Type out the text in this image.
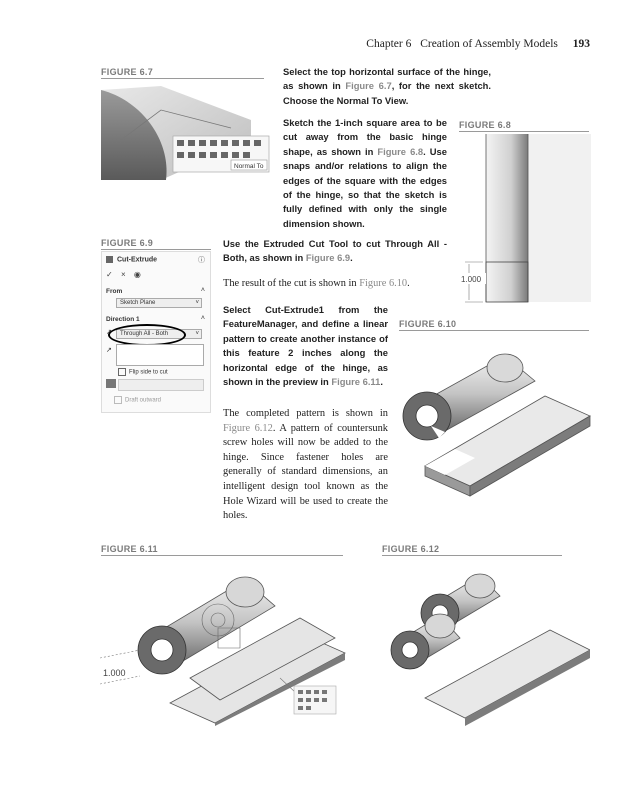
Chapter 6 Creation of Assembly Models 193
FIGURE 6.7
Normal To
Select the top horizontal surface of the hinge, as shown in Figure 6.7, for the next sketch. Choose the Normal To View.
Sketch the 1-inch square area to be cut away from the basic hinge shape, as shown in Figure 6.8. Use snaps and/or relations to align the edges of the square with the edges of the hinge, so that the sketch is fully defined with only the single dimension shown.
FIGURE 6.8
1.000
FIGURE 6.9
Cut-Extrude	ⓘ
✓ × ◉
From	˄
Sketch Plane	˅
Direction 1	˄
↗	Through All - Both	˅
↗
Flip side to cut
Draft outward
Use the Extruded Cut Tool to cut Through All - Both, as shown in Figure 6.9.
The result of the cut is shown in Figure 6.10.
Select Cut-Extrude1 from the FeatureManager, and define a linear pattern to create another instance of this feature 2 inches along the horizontal edge of the hinge, as shown in the preview in Figure 6.11.
The completed pattern is shown in Figure 6.12. A pattern of countersunk screw holes will now be added to the hinge. Since fastener holes are generally of standard dimensions, an intelligent design tool known as the Hole Wizard will be used to create the holes.
FIGURE 6.10
FIGURE 6.11
1.000
FIGURE 6.12
